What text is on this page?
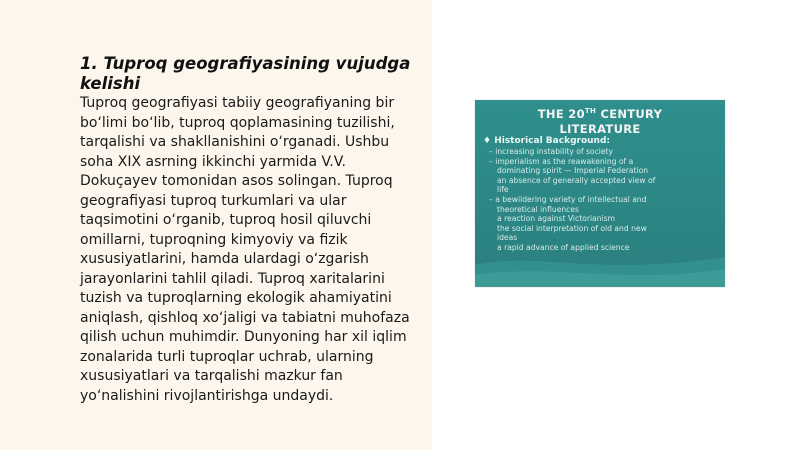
1. Tuproq geografiyasining vujudga kelishi

Tuproq geografiyasi tabiiy geografiyaning bir bo‘limi bo‘lib, tuproq qoplamasining tuzilishi, tarqalishi va shakllanishini o‘rganadi. Ushbu soha XIX asrning ikkinchi yarmida V.V. Dokuçayev tomonidan asos solingan. Tuproq geografiyasi tuproq turkumlari va ular taqsimotini o‘rganib, tuproq hosil qiluvchi omillarni, tuproqning kimyoviy va fizik xususiyatlarini, hamda ulardagi o‘zgarish jarayonlarini tahlil qiladi. Tuproq xaritalarini tuzish va tuproqlarning ekologik ahamiyatini aniqlash, qishloq xo‘jaligi va tabiatni muhofaza qilish uchun muhimdir. Dunyoning har xil iqlim zonalarida turli tuproqlar uchrab, ularning xususiyatlari va tarqalishi mazkur fan yo‘nalishini rivojlantirishga undaydi.

THE 20TH CENTURY
LITERATURE
♦ Historical Background:
– increasing instability of society
– imperialism as the reawakening of a
dominating spirit — Imperial Federation
an absence of generally accepted view of
life
– a bewildering variety of intellectual and
theoretical influences
a reaction against Victorianism
the social interpretation of old and new
ideas
a rapid advance of applied science
